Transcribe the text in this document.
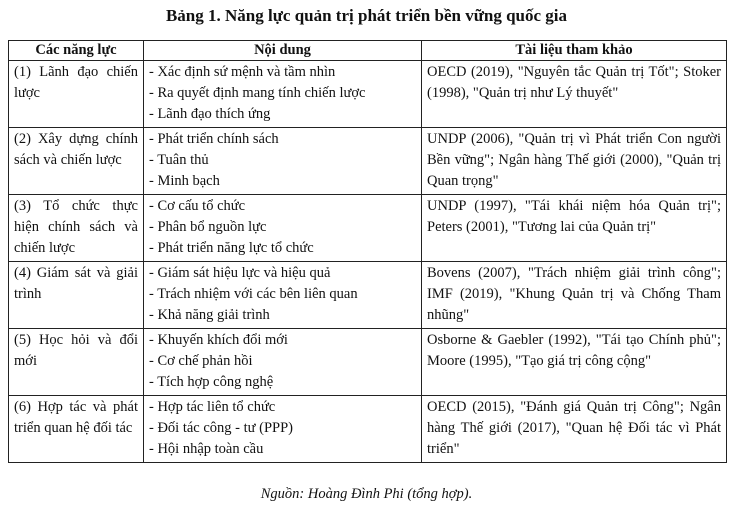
Bảng 1. Năng lực quản trị phát triển bền vững quốc gia
Các năng lực	Nội dung	Tài liệu tham khảo
(1) Lãnh đạo chiến lược	- Xác định sứ mệnh và tầm nhìn
- Ra quyết định mang tính chiến lược
- Lãnh đạo thích ứng	OECD (2019), "Nguyên tắc Quản trị Tốt"; Stoker (1998), "Quản trị như Lý thuyết"
(2) Xây dựng chính sách và chiến lược	- Phát triển chính sách
- Tuân thủ
- Minh bạch	UNDP (2006), "Quản trị vì Phát triển Con người Bền vững"; Ngân hàng Thế giới (2000), "Quản trị Quan trọng"
(3) Tổ chức thực hiện chính sách và chiến lược	- Cơ cấu tổ chức
- Phân bổ nguồn lực
- Phát triển năng lực tổ chức	UNDP (1997), "Tái khái niệm hóa Quản trị"; Peters (2001), "Tương lai của Quản trị"
(4) Giám sát và giải trình	- Giám sát hiệu lực và hiệu quả
- Trách nhiệm với các bên liên quan
- Khả năng giải trình	Bovens (2007), "Trách nhiệm giải trình công"; IMF (2019), "Khung Quản trị và Chống Tham nhũng"
(5) Học hỏi và đổi mới	- Khuyến khích đổi mới
- Cơ chế phản hồi
- Tích hợp công nghệ	Osborne & Gaebler (1992), "Tái tạo Chính phủ"; Moore (1995), "Tạo giá trị công cộng"
(6) Hợp tác và phát triển quan hệ đối tác	- Hợp tác liên tổ chức
- Đối tác công - tư (PPP)
- Hội nhập toàn cầu	OECD (2015), "Đánh giá Quản trị Công"; Ngân hàng Thế giới (2017), "Quan hệ Đối tác vì Phát triển"
Nguồn: Hoàng Đình Phi (tổng hợp).
